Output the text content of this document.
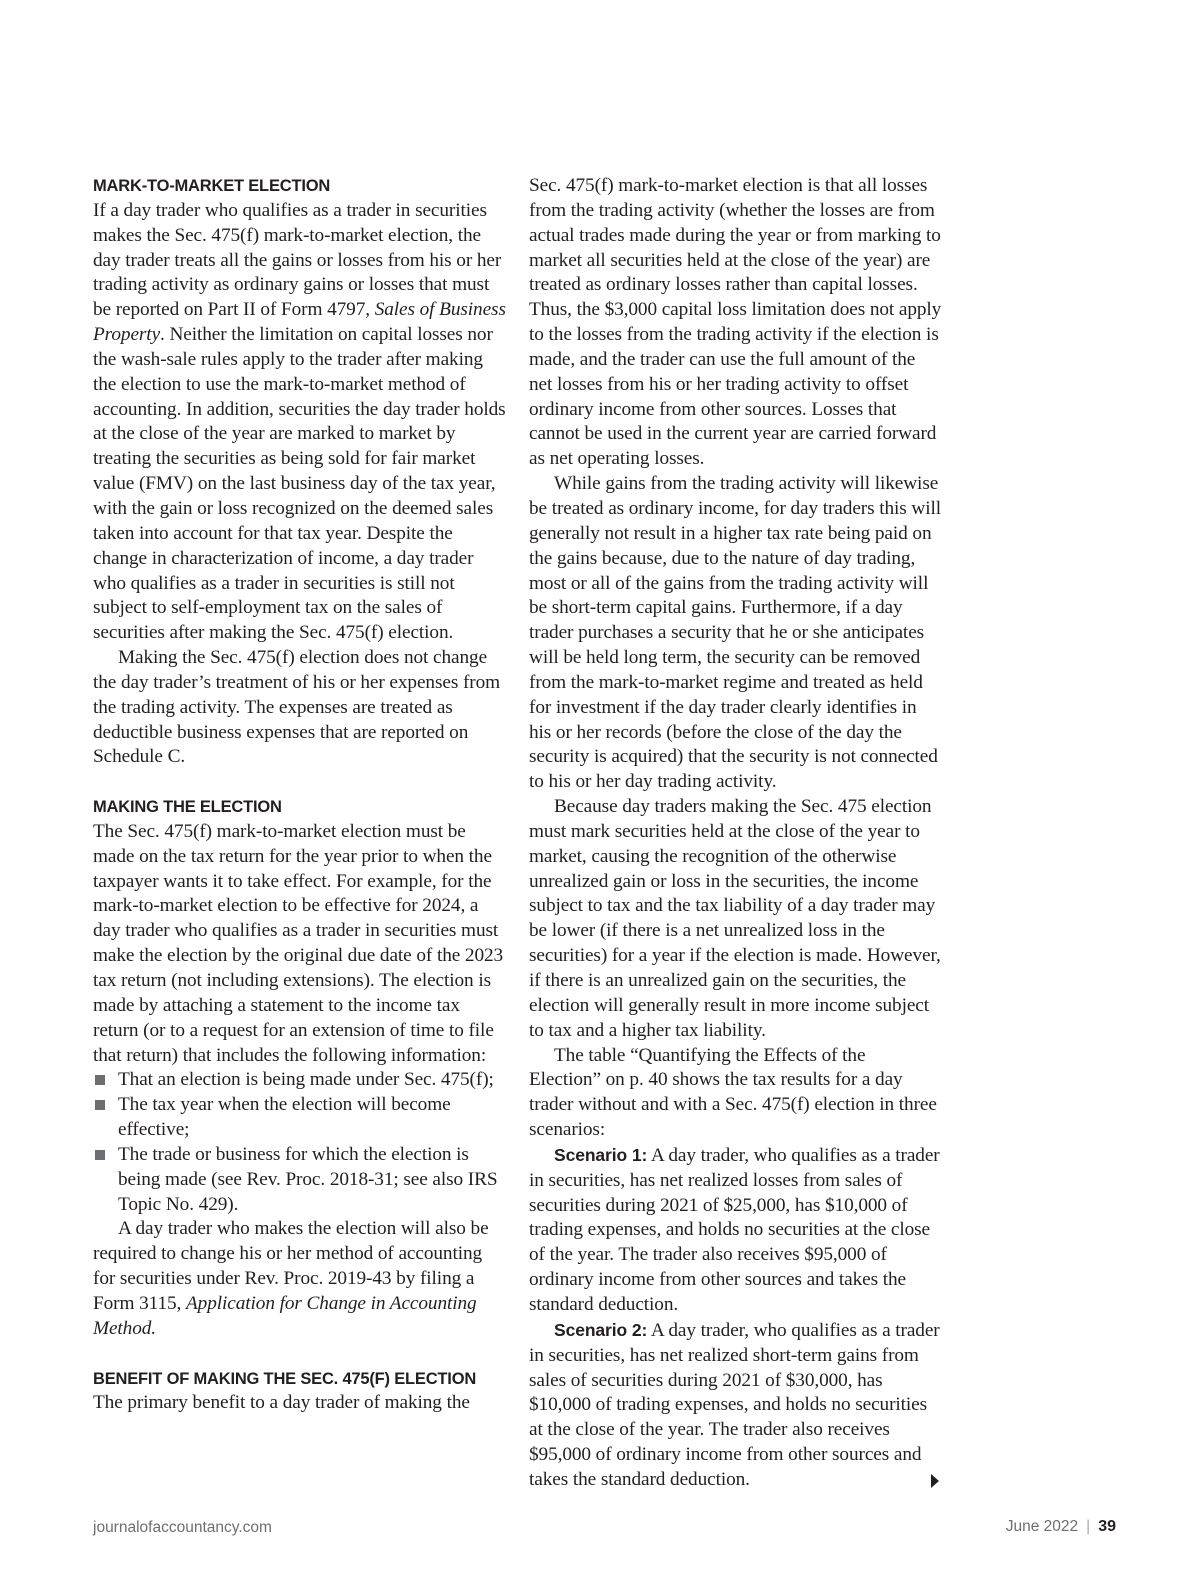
MARK-TO-MARKET ELECTION

If a day trader who qualifies as a trader in securities makes the Sec. 475(f) mark-to-market election, the day trader treats all the gains or losses from his or her trading activity as ordinary gains or losses that must be reported on Part II of Form 4797, Sales of Business Property. Neither the limitation on capital losses nor the wash-sale rules apply to the trader after making the election to use the mark-to-market method of accounting. In addition, securities the day trader holds at the close of the year are marked to market by treating the securities as being sold for fair market value (FMV) on the last business day of the tax year, with the gain or loss recognized on the deemed sales taken into account for that tax year. Despite the change in characterization of income, a day trader who qualifies as a trader in securities is still not subject to self-employment tax on the sales of securities after making the Sec. 475(f) election.

Making the Sec. 475(f) election does not change the day trader’s treatment of his or her expenses from the trading activity. The expenses are treated as deductible business expenses that are reported on Schedule C.

MAKING THE ELECTION

The Sec. 475(f) mark-to-market election must be made on the tax return for the year prior to when the taxpayer wants it to take effect. For example, for the mark-to-market election to be effective for 2024, a day trader who qualifies as a trader in securities must make the election by the original due date of the 2023 tax return (not including extensions). The election is made by attaching a statement to the income tax return (or to a request for an extension of time to file that return) that includes the following information:

That an election is being made under Sec. 475(f);
The tax year when the election will become effective;
The trade or business for which the election is being made (see Rev. Proc. 2018-31; see also IRS Topic No. 429).

A day trader who makes the election will also be required to change his or her method of accounting for securities under Rev. Proc. 2019-43 by filing a Form 3115, Application for Change in Accounting Method.

BENEFIT OF MAKING THE SEC. 475(F) ELECTION

The primary benefit to a day trader of making the

Sec. 475(f) mark-to-market election is that all losses from the trading activity (whether the losses are from actual trades made during the year or from marking to market all securities held at the close of the year) are treated as ordinary losses rather than capital losses. Thus, the $3,000 capital loss limitation does not apply to the losses from the trading activity if the election is made, and the trader can use the full amount of the net losses from his or her trading activity to offset ordinary income from other sources. Losses that cannot be used in the current year are carried forward as net operating losses.

While gains from the trading activity will likewise be treated as ordinary income, for day traders this will generally not result in a higher tax rate being paid on the gains because, due to the nature of day trading, most or all of the gains from the trading activity will be short-term capital gains. Furthermore, if a day trader purchases a security that he or she anticipates will be held long term, the security can be removed from the mark-to-market regime and treated as held for investment if the day trader clearly identifies in his or her records (before the close of the day the security is acquired) that the security is not connected to his or her day trading activity.

Because day traders making the Sec. 475 election must mark securities held at the close of the year to market, causing the recognition of the otherwise unrealized gain or loss in the securities, the income subject to tax and the tax liability of a day trader may be lower (if there is a net unrealized loss in the securities) for a year if the election is made. However, if there is an unrealized gain on the securities, the election will generally result in more income subject to tax and a higher tax liability.

The table “Quantifying the Effects of the Election” on p. 40 shows the tax results for a day trader without and with a Sec. 475(f) election in three scenarios:

Scenario 1: A day trader, who qualifies as a trader in securities, has net realized losses from sales of securities during 2021 of $25,000, has $10,000 of trading expenses, and holds no securities at the close of the year. The trader also receives $95,000 of ordinary income from other sources and takes the standard deduction.

Scenario 2: A day trader, who qualifies as a trader in securities, has net realized short-term gains from sales of securities during 2021 of $30,000, has $10,000 of trading expenses, and holds no securities at the close of the year. The trader also receives $95,000 of ordinary income from other sources and takes the standard deduction.

journalofaccountancy.com	June 2022 | 39
